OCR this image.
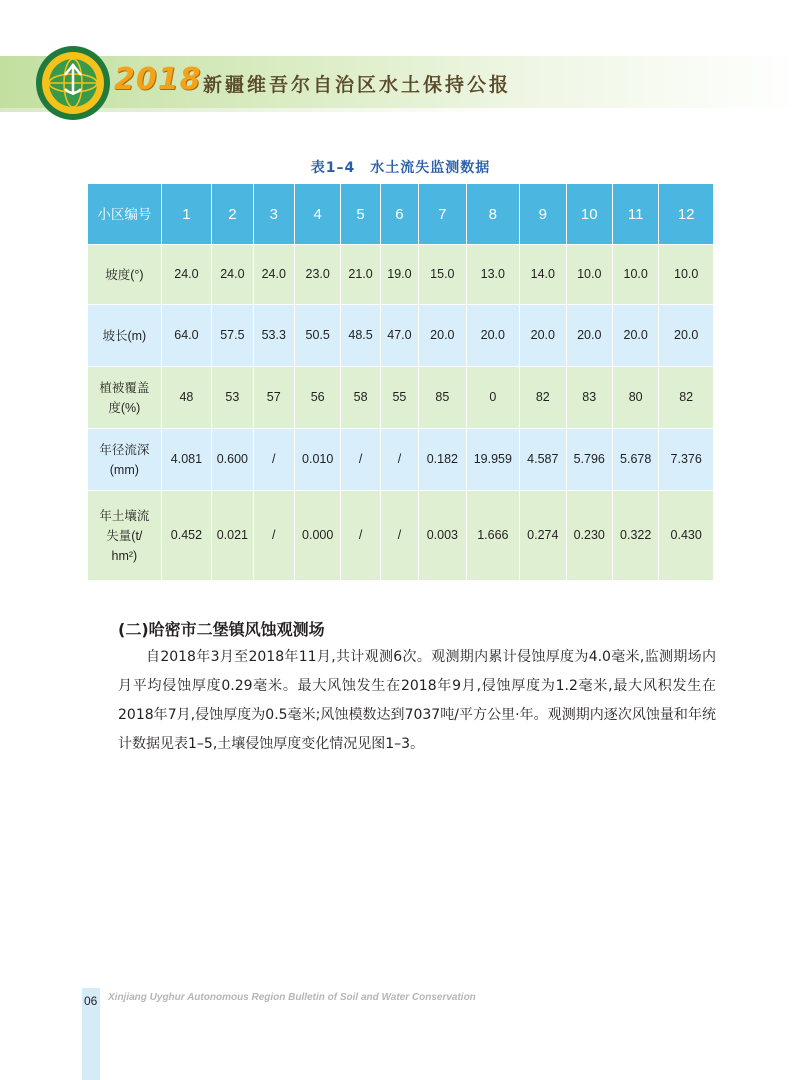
2018 新疆维吾尔自治区水土保持公报
表1–4　水土流失监测数据
小区编号	1	2	3	4	5	6	7	8	9	10	11	12
坡度(°)	24.0	24.0	24.0	23.0	21.0	19.0	15.0	13.0	14.0	10.0	10.0	10.0
坡长(m)	64.0	57.5	53.3	50.5	48.5	47.0	20.0	20.0	20.0	20.0	20.0	20.0
植被覆盖
度(%)	48	53	57	56	58	55	85	0	82	83	80	82
年径流深
(mm)	4.081	0.600	/	0.010	/	/	0.182	19.959	4.587	5.796	5.678	7.376
年土壤流
失量(t/
hm²)	0.452	0.021	/	0.000	/	/	0.003	1.666	0.274	0.230	0.322	0.430
(二)哈密市二堡镇风蚀观测场

自2018年3月至2018年11月,共计观测6次。观测期内累计侵蚀厚度为4.0毫米,监测期场内月平均侵蚀厚度0.29毫米。最大风蚀发生在2018年9月,侵蚀厚度为1.2毫米,最大风积发生在2018年7月,侵蚀厚度为0.5毫米;风蚀模数达到7037吨/平方公里·年。观测期内逐次风蚀量和年统计数据见表1–5,土壤侵蚀厚度变化情况见图1–3。

06 Xinjiang Uyghur Autonomous Region Bulletin of Soil and Water Conservation
